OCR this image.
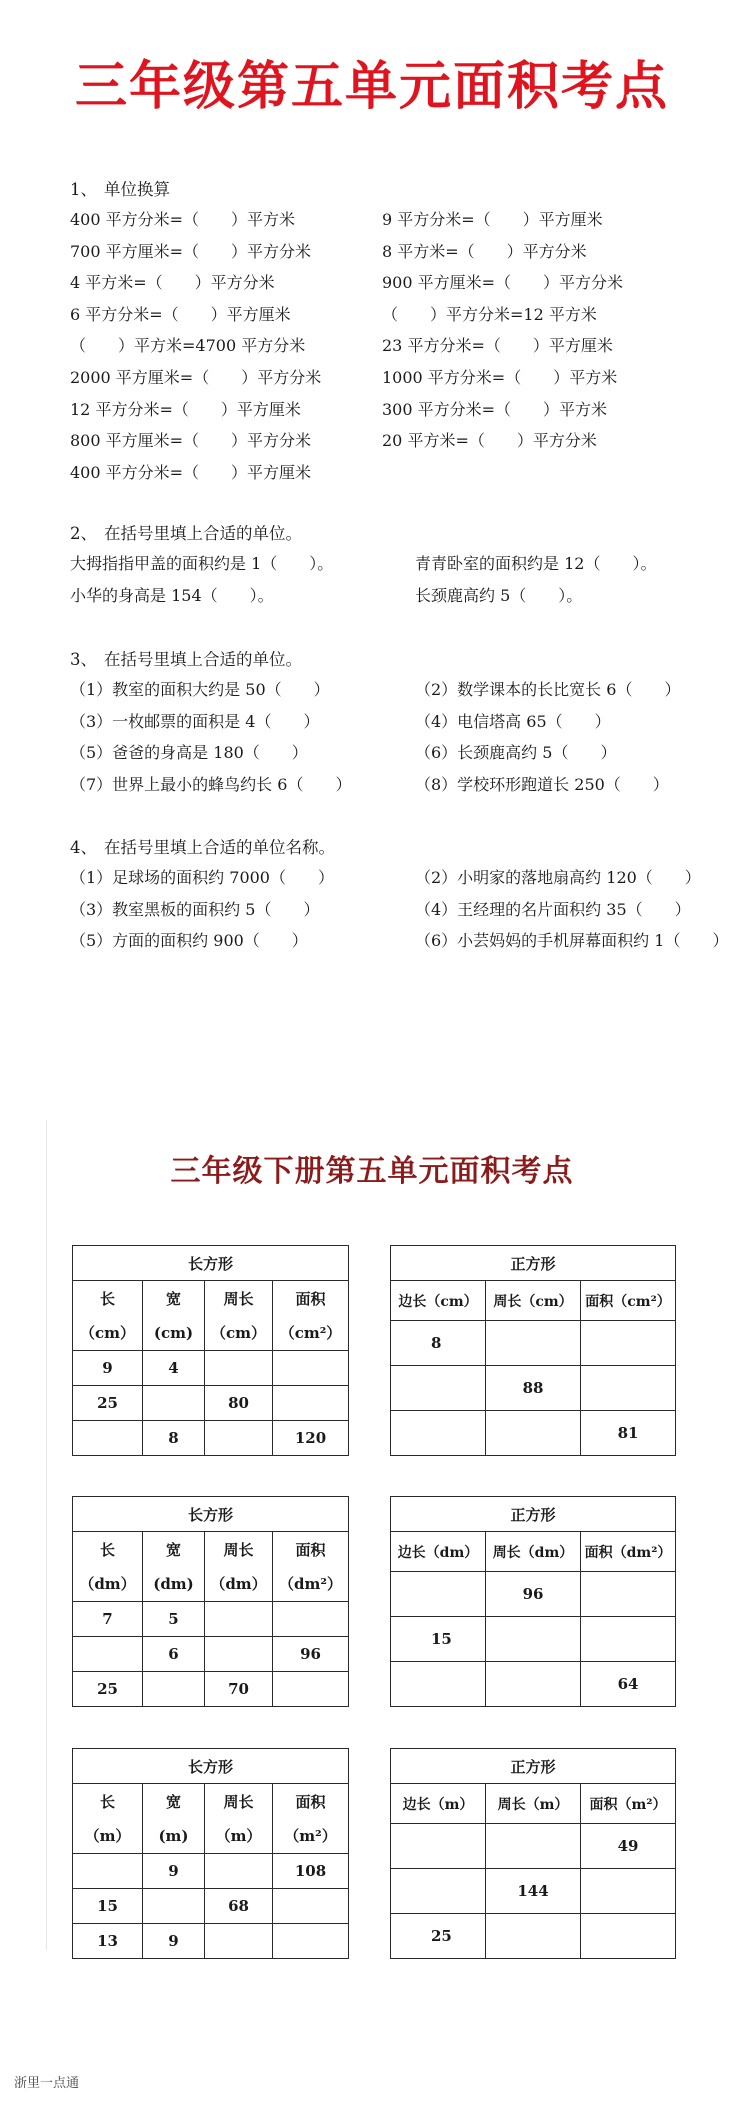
三年级第五单元面积考点
1、 单位换算
400 平方分米=（　　）平方米	9 平方分米=（　　）平方厘米
700 平方厘米=（　　）平方分米	8 平方米=（　　）平方分米
4 平方米=（　　）平方分米	900 平方厘米=（　　）平方分米
6 平方分米=（　　）平方厘米	（　　）平方分米=12 平方米
（　　）平方米=4700 平方分米	23 平方分米=（　　）平方厘米
2000 平方厘米=（　　）平方分米	1000 平方分米=（　　）平方米
12 平方分米=（　　）平方厘米	300 平方分米=（　　）平方米
800 平方厘米=（　　）平方分米	20 平方米=（　　）平方分米
400 平方分米=（　　）平方厘米
2、 在括号里填上合适的单位。
大拇指指甲盖的面积约是 1（　　）。	青青卧室的面积约是 12（　　）。
小华的身高是 154（　　）。	长颈鹿高约 5（　　）。
3、 在括号里填上合适的单位。
（1）教室的面积大约是 50（　　）	（2）数学课本的长比宽长 6（　　）
（3）一枚邮票的面积是 4（　　）	（4）电信塔高 65（　　）
（5）爸爸的身高是 180（　　）	（6）长颈鹿高约 5（　　）
（7）世界上最小的蜂鸟约长 6（　　）	（8）学校环形跑道长 250（　　）
4、 在括号里填上合适的单位名称。
（1）足球场的面积约 7000（　　）	（2）小明家的落地扇高约 120（　　）
（3）教室黑板的面积约 5（　　）	（4）王经理的名片面积约 35（　　）
（5）方面的面积约 900（　　）	（6）小芸妈妈的手机屏幕面积约 1（　　）
三年级下册第五单元面积考点
长方形			
长	宽	周长	面积
（cm）	(cm)	（cm）	（cm²）
9	4		
25		80	
	8		120
长方形			
长	宽	周长	面积
（dm）	(dm)	（dm）	（dm²）
7	5		
	6		96
25		70	
长方形			
长	宽	周长	面积
（m）	(m)	（m）	（m²）
	9		108
15		68	
13	9		
正方形		
边长（cm）	周长（cm）	面积（cm²）
8		
	88	
		81
正方形		
边长（dm）	周长（dm）	面积（dm²）
	96	
15		
		64
正方形		
边长（m）	周长（m）	面积（m²）
		49
	144	
25		
浙里一点通
